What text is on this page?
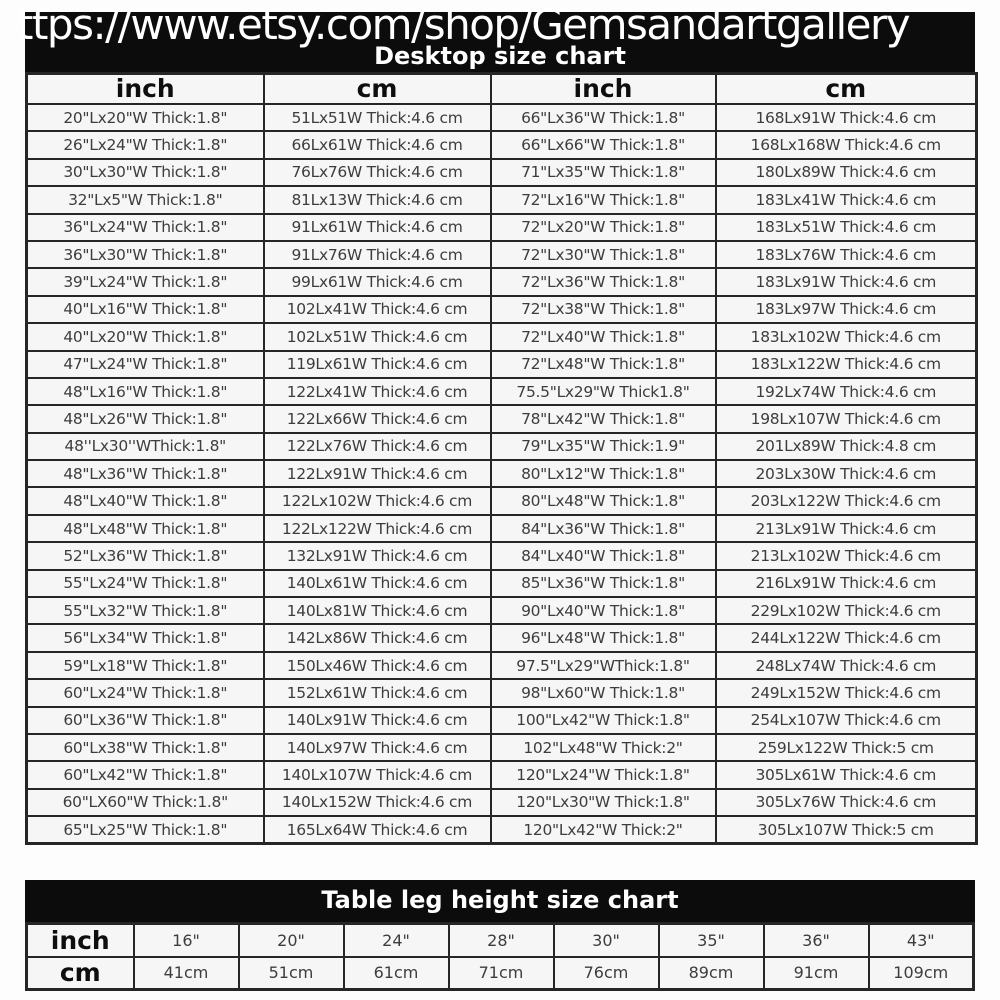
ttps://www.etsy.com/shop/Gemsandartgallery
Desktop size chart
inch	cm	inch	cm
20"Lx20"W Thick:1.8"	51Lx51W Thick:4.6 cm	66"Lx36"W Thick:1.8"	168Lx91W Thick:4.6 cm
26"Lx24"W Thick:1.8"	66Lx61W Thick:4.6 cm	66"Lx66"W Thick:1.8"	168Lx168W Thick:4.6 cm
30"Lx30"W Thick:1.8"	76Lx76W Thick:4.6 cm	71"Lx35"W Thick:1.8"	180Lx89W Thick:4.6 cm
32"Lx5"W Thick:1.8"	81Lx13W Thick:4.6 cm	72"Lx16"W Thick:1.8"	183Lx41W Thick:4.6 cm
36"Lx24"W Thick:1.8"	91Lx61W Thick:4.6 cm	72"Lx20"W Thick:1.8"	183Lx51W Thick:4.6 cm
36"Lx30"W Thick:1.8"	91Lx76W Thick:4.6 cm	72"Lx30"W Thick:1.8"	183Lx76W Thick:4.6 cm
39"Lx24"W Thick:1.8"	99Lx61W Thick:4.6 cm	72"Lx36"W Thick:1.8"	183Lx91W Thick:4.6 cm
40"Lx16"W Thick:1.8"	102Lx41W Thick:4.6 cm	72"Lx38"W Thick:1.8"	183Lx97W Thick:4.6 cm
40"Lx20"W Thick:1.8"	102Lx51W Thick:4.6 cm	72"Lx40"W Thick:1.8"	183Lx102W Thick:4.6 cm
47"Lx24"W Thick:1.8"	119Lx61W Thick:4.6 cm	72"Lx48"W Thick:1.8"	183Lx122W Thick:4.6 cm
48"Lx16"W Thick:1.8"	122Lx41W Thick:4.6 cm	75.5"Lx29"W Thick1.8"	192Lx74W Thick:4.6 cm
48"Lx26"W Thick:1.8"	122Lx66W Thick:4.6 cm	78"Lx42"W Thick:1.8"	198Lx107W Thick:4.6 cm
48''Lx30''WThick:1.8"	122Lx76W Thick:4.6 cm	79"Lx35"W Thick:1.9"	201Lx89W Thick:4.8 cm
48"Lx36"W Thick:1.8"	122Lx91W Thick:4.6 cm	80"Lx12"W Thick:1.8"	203Lx30W Thick:4.6 cm
48"Lx40"W Thick:1.8"	122Lx102W Thick:4.6 cm	80"Lx48"W Thick:1.8"	203Lx122W Thick:4.6 cm
48"Lx48"W Thick:1.8"	122Lx122W Thick:4.6 cm	84"Lx36"W Thick:1.8"	213Lx91W Thick:4.6 cm
52"Lx36"W Thick:1.8"	132Lx91W Thick:4.6 cm	84"Lx40"W Thick:1.8"	213Lx102W Thick:4.6 cm
55"Lx24"W Thick:1.8"	140Lx61W Thick:4.6 cm	85"Lx36"W Thick:1.8"	216Lx91W Thick:4.6 cm
55"Lx32"W Thick:1.8"	140Lx81W Thick:4.6 cm	90"Lx40"W Thick:1.8"	229Lx102W Thick:4.6 cm
56"Lx34"W Thick:1.8"	142Lx86W Thick:4.6 cm	96"Lx48"W Thick:1.8"	244Lx122W Thick:4.6 cm
59"Lx18"W Thick:1.8"	150Lx46W Thick:4.6 cm	97.5"Lx29"WThick:1.8"	248Lx74W Thick:4.6 cm
60"Lx24"W Thick:1.8"	152Lx61W Thick:4.6 cm	98"Lx60"W Thick:1.8"	249Lx152W Thick:4.6 cm
60"Lx36"W Thick:1.8"	140Lx91W Thick:4.6 cm	100"Lx42"W Thick:1.8"	254Lx107W Thick:4.6 cm
60"Lx38"W Thick:1.8"	140Lx97W Thick:4.6 cm	102"Lx48"W Thick:2"	259Lx122W Thick:5 cm
60"Lx42"W Thick:1.8"	140Lx107W Thick:4.6 cm	120"Lx24"W Thick:1.8"	305Lx61W Thick:4.6 cm
60"LX60"W Thick:1.8"	140Lx152W Thick:4.6 cm	120"Lx30"W Thick:1.8"	305Lx76W Thick:4.6 cm
65"Lx25"W Thick:1.8"	165Lx64W Thick:4.6 cm	120"Lx42"W Thick:2"	305Lx107W Thick:5 cm
Table leg height size chart
inch	16"	20"	24"	28"	30"	35"	36"	43"
cm	41cm	51cm	61cm	71cm	76cm	89cm	91cm	109cm
